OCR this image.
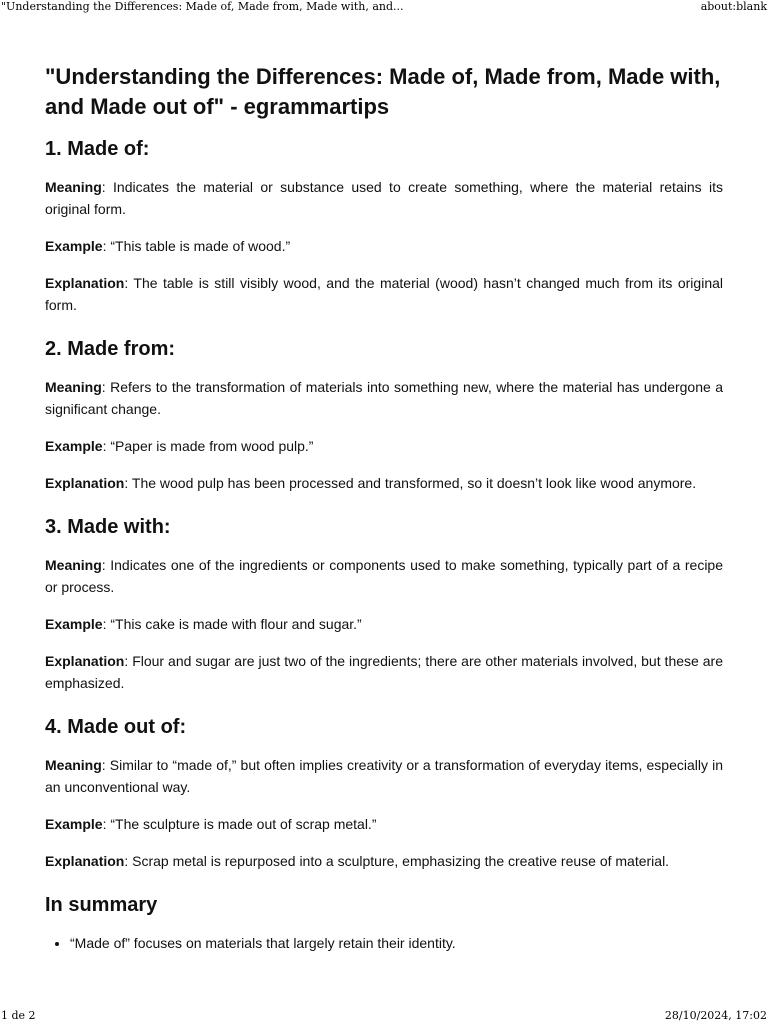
"Understanding the Differences: Made of, Made from, Made with, and...	about:blank
"Understanding the Differences: Made of, Made from, Made with, and Made out of" - egrammartips
1. Made of:

Meaning: Indicates the material or substance used to create something, where the material retains its original form.

Example: “This table is made of wood.”

Explanation: The table is still visibly wood, and the material (wood) hasn’t changed much from its original form.

2. Made from:

Meaning: Refers to the transformation of materials into something new, where the material has undergone a significant change.

Example: “Paper is made from wood pulp.”

Explanation: The wood pulp has been processed and transformed, so it doesn’t look like wood anymore.

3. Made with:

Meaning: Indicates one of the ingredients or components used to make something, typically part of a recipe or process.

Example: “This cake is made with flour and sugar.”

Explanation: Flour and sugar are just two of the ingredients; there are other materials involved, but these are emphasized.

4. Made out of:

Meaning: Similar to “made of,” but often implies creativity or a transformation of everyday items, especially in an unconventional way.

Example: “The sculpture is made out of scrap metal.”

Explanation: Scrap metal is repurposed into a sculpture, emphasizing the creative reuse of material.

In summary
• “Made of” focuses on materials that largely retain their identity.
1 de 2	28/10/2024, 17:02
